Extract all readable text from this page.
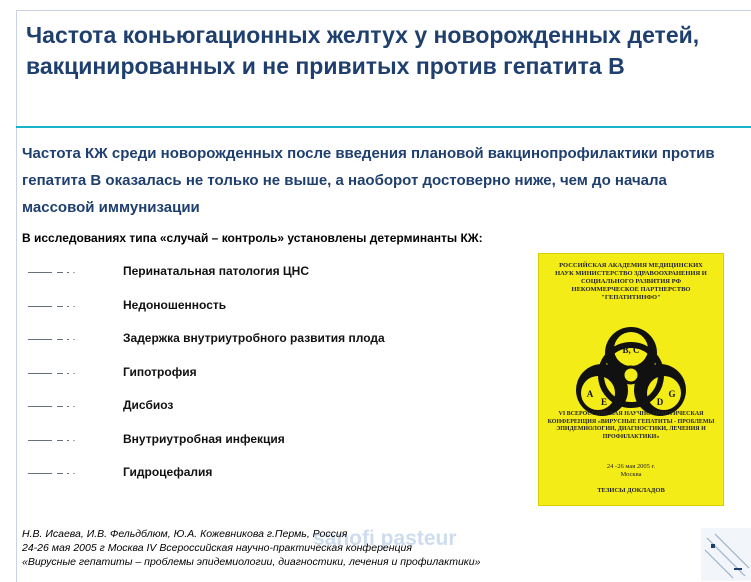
Частота коньюгационных желтух у новорожденных детей, вакцинированных и не привитых против гепатита В

Частота КЖ среди новорожденных после введения плановой вакцинопрофилактики против гепатита В оказалась не только не выше, а наоборот достоверно ниже, чем до начала массовой иммунизации

В исследованиях типа «случай – контроль» установлены детерминанты КЖ:

Перинатальная патология ЦНС
Недоношенность
Задержка внутриутробного развития плода
Гипотрофия
Дисбиоз
Внутриутробная инфекция
Гидроцефалия
РОССИЙСКАЯ АКАДЕМИЯ МЕДИЦИНСКИХ НАУК МИНИСТЕРСТВО ЗДРАВООХРАНЕНИЯ И СОЦИАЛЬНОГО РАЗВИТИЯ РФ НЕКОММЕРЧЕСКОЕ ПАРТНЕРСТВО "ГЕПАТИТИНФО"
B, C
A
E	D
G
VI ВСЕРОССИЙСКАЯ НАУЧНО-ПРАКТИЧЕСКАЯ КОНФЕРЕНЦИЯ «ВИРУСНЫЕ ГЕПАТИТЫ - ПРОБЛЕМЫ ЭПИДЕМИОЛОГИИ, ДИАГНОСТИКИ, ЛЕЧЕНИЯ И ПРОФИЛАКТИКИ»
24 -26 мая 2005 г.
Москва
ТЕЗИСЫ ДОКЛАДОВ
sanofi pasteur

Н.В. Исаева, И.В. Фельдблюм, Ю.А. Кожевникова г.Пермь, Россия
24-26 мая 2005 г Москва IV Всероссийская научно-практическая конференция
«Вирусные гепатиты – проблемы эпидемиологии, диагностики, лечения и профилактики»
